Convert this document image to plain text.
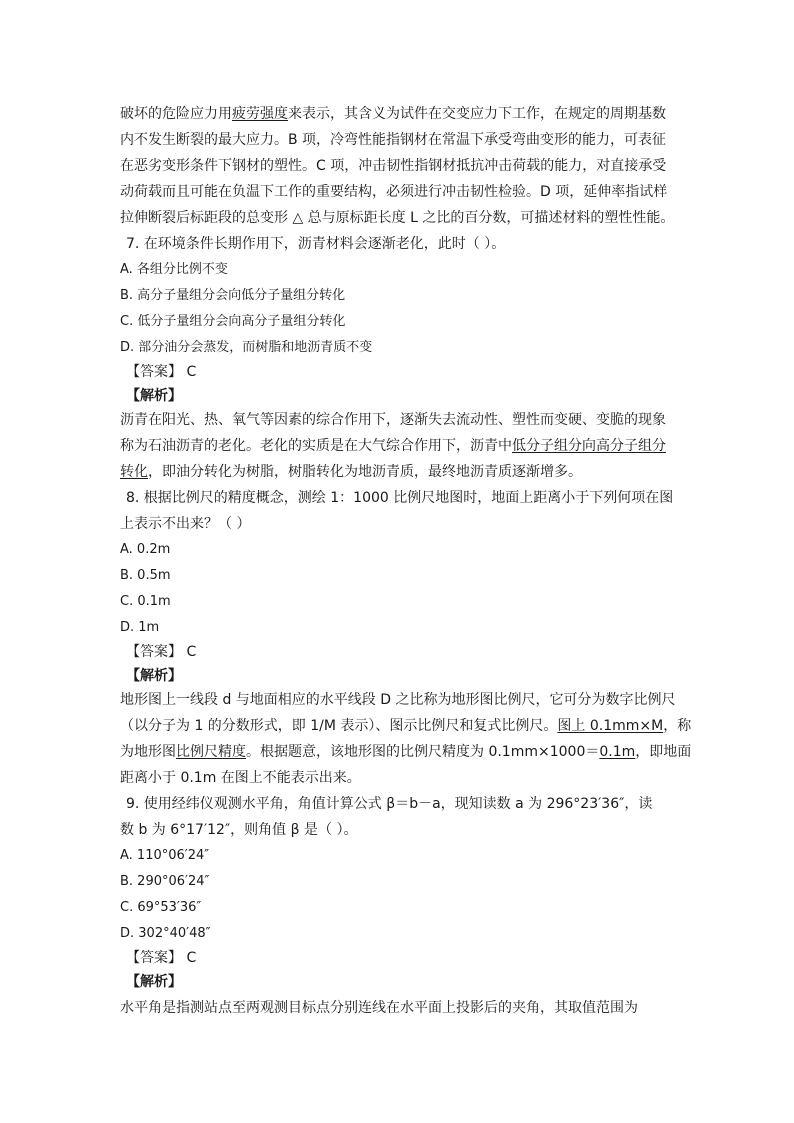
破坏的危险应力用疲劳强度来表示，其含义为试件在交变应力下工作，在规定的周期基数
内不发生断裂的最大应力。B 项，冷弯性能指钢材在常温下承受弯曲变形的能力，可表征
在恶劣变形条件下钢材的塑性。C 项，冲击韧性指钢材抵抗冲击荷载的能力，对直接承受
动荷载而且可能在负温下工作的重要结构，必须进行冲击韧性检验。D 项，延伸率指试样
拉伸断裂后标距段的总变形 △ 总与原标距长度 L 之比的百分数，可描述材料的塑性性能。
7. 在环境条件长期作用下，沥青材料会逐渐老化，此时（ ）。
A. 各组分比例不变
B. 高分子量组分会向低分子量组分转化
C. 低分子量组分会向高分子量组分转化
D. 部分油分会蒸发，而树脂和地沥青质不变
【答案】 C
【解析】
沥青在阳光、热、氧气等因素的综合作用下，逐渐失去流动性、塑性而变硬、变脆的现象
称为石油沥青的老化。老化的实质是在大气综合作用下，沥青中低分子组分向高分子组分
转化，即油分转化为树脂，树脂转化为地沥青质，最终地沥青质逐渐增多。
8. 根据比例尺的精度概念，测绘 1：1000 比例尺地图时，地面上距离小于下列何项在图
上表示不出来？（ ）
A. 0.2m
B. 0.5m
C. 0.1m
D. 1m
【答案】 C
【解析】
地形图上一线段 d 与地面相应的水平线段 D 之比称为地形图比例尺，它可分为数字比例尺
（以分子为 1 的分数形式，即 1/M 表示）、图示比例尺和复式比例尺。图上 0.1mm×M，称
为地形图比例尺精度。根据题意，该地形图的比例尺精度为 0.1mm×1000＝0.1m，即地面
距离小于 0.1m 在图上不能表示出来。
9. 使用经纬仪观测水平角，角值计算公式 β＝b－a，现知读数 a 为 296°23′36″，读
数 b 为 6°17′12″，则角值 β 是（ ）。
A. 110°06′24″
B. 290°06′24″
C. 69°53′36″
D. 302°40′48″
【答案】 C
【解析】
水平角是指测站点至两观测目标点分别连线在水平面上投影后的夹角，其取值范围为
